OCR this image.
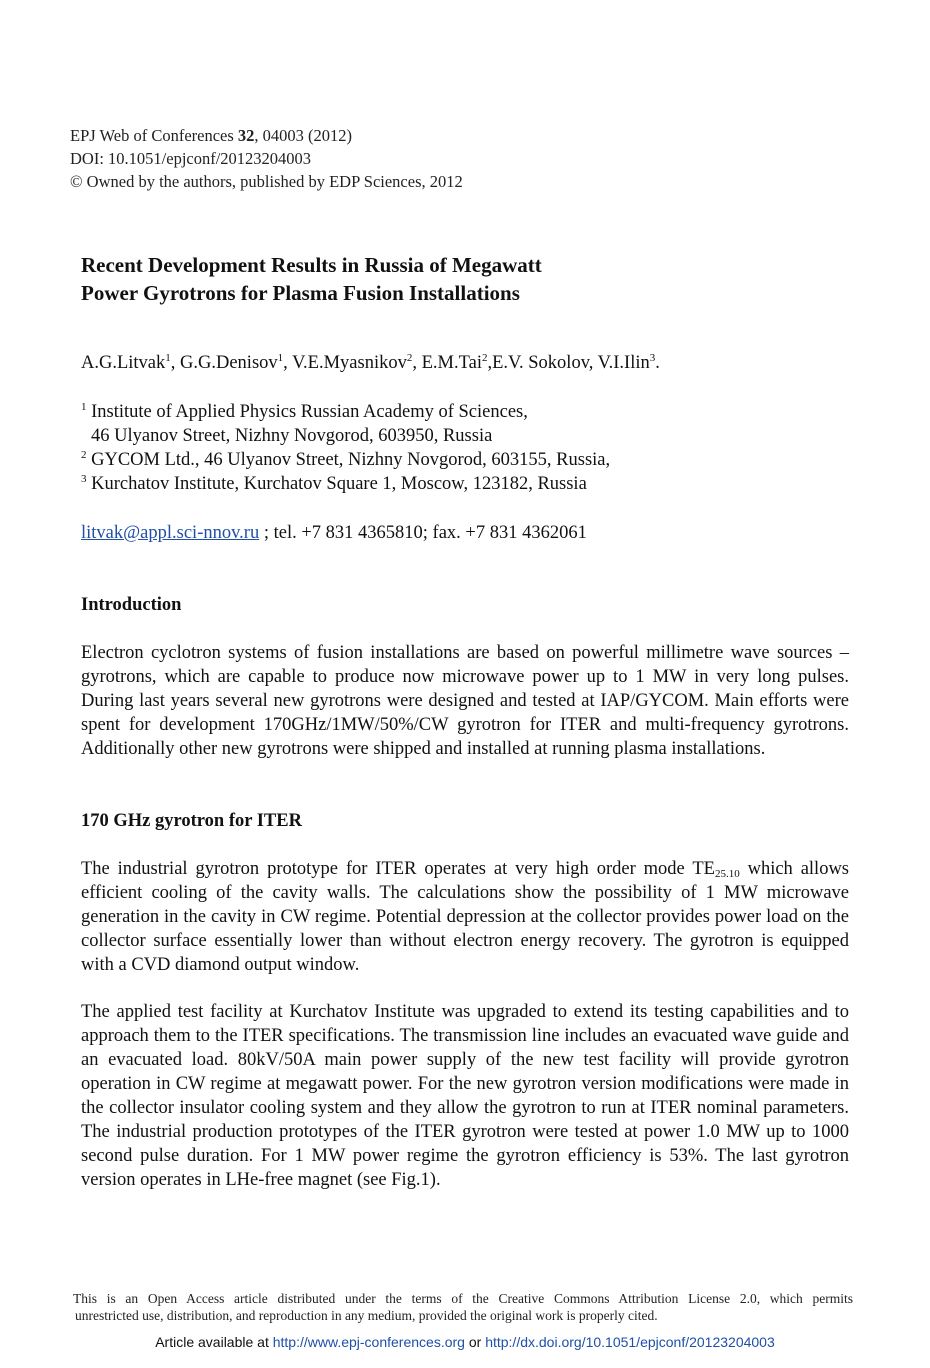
EPJ Web of Conferences 32, 04003 (2012)
DOI: 10.1051/epjconf/20123204003
© Owned by the authors, published by EDP Sciences, 2012
Recent Development Results in Russia of Megawatt
Power Gyrotrons for Plasma Fusion Installations
A.G.Litvak$^1$, G.G.Denisov$^1$, V.E.Myasnikov$^2$, E.M.Tai$^2$,E.V. Sokolov, V.I.Ilin$^3$.
$^1$ Institute of Applied Physics Russian Academy of Sciences,
46 Ulyanov Street, Nizhny Novgorod, 603950, Russia
$^2$ GYCOM Ltd., 46 Ulyanov Street, Nizhny Novgorod, 603155, Russia,
$^3$ Kurchatov Institute, Kurchatov Square 1, Moscow, 123182, Russia
litvak@appl.sci-nnov.ru ; tel. +7 831 4365810; fax. +7 831 4362061
Introduction
Electron cyclotron systems of fusion installations are based on powerful millimetre wave sources – gyrotrons, which are capable to produce now microwave power up to 1 MW in very long pulses. During last years several new gyrotrons were designed and tested at IAP/GYCOM. Main efforts were spent for development 170GHz/1MW/50%/CW gyrotron for ITER and multi-frequency gyrotrons. Additionally other new gyrotrons were shipped and installed at running plasma installations.
170 GHz gyrotron for ITER
The industrial gyrotron prototype for ITER operates at very high order mode $TE_{25.10}$ which allows efficient cooling of the cavity walls. The calculations show the possibility of 1 MW microwave generation in the cavity in CW regime. Potential depression at the collector provides power load on the collector surface essentially lower than without electron energy recovery. The gyrotron is equipped with a CVD diamond output window.
The applied test facility at Kurchatov Institute was upgraded to extend its testing capabilities and to approach them to the ITER specifications. The transmission line includes an evacuated wave guide and an evacuated load. 80kV/50A main power supply of the new test facility will provide gyrotron operation in CW regime at megawatt power. For the new gyrotron version modifications were made in the collector insulator cooling system and they allow the gyrotron to run at ITER nominal parameters. The industrial production prototypes of the ITER gyrotron were tested at power 1.0 MW up to 1000 second pulse duration. For 1 MW power regime the gyrotron efficiency is 53%. The last gyrotron version operates in LHe-free magnet (see Fig.1).
This is an Open Access article distributed under the terms of the Creative Commons Attribution License 2.0, which permits
unrestricted use, distribution, and reproduction in any medium, provided the original work is properly cited.
Article available at http://www.epj-conferences.org or http://dx.doi.org/10.1051/epjconf/20123204003
